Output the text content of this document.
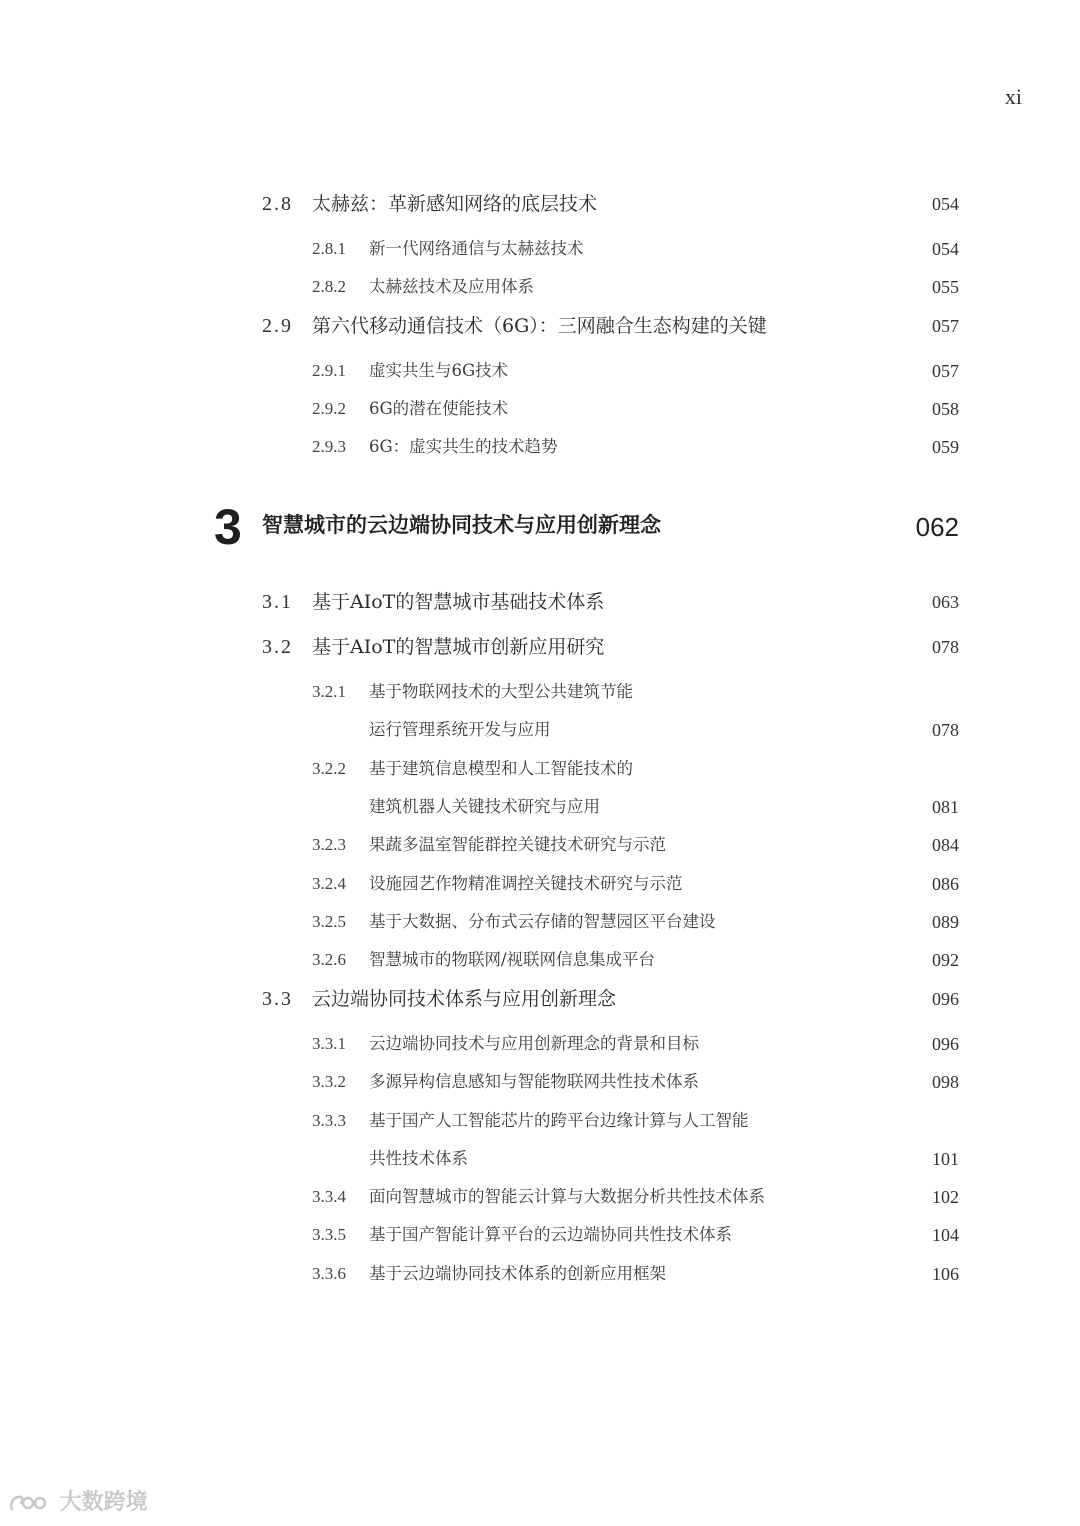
xi
2.8 太赫兹：革新感知网络的底层技术	054
2.8.1 新一代网络通信与太赫兹技术	054
2.8.2 太赫兹技术及应用体系	055
2.9 第六代移动通信技术（6G）：三网融合生态构建的关键	057
2.9.1 虚实共生与6G技术	057
2.9.2 6G的潜在使能技术	058
2.9.3 6G：虚实共生的技术趋势	059
3 智慧城市的云边端协同技术与应用创新理念	062
3.1 基于AIoT的智慧城市基础技术体系	063
3.2 基于AIoT的智慧城市创新应用研究	078
3.2.1 基于物联网技术的大型公共建筑节能
运行管理系统开发与应用	078
3.2.2 基于建筑信息模型和人工智能技术的
建筑机器人关键技术研究与应用	081
3.2.3 果蔬多温室智能群控关键技术研究与示范	084
3.2.4 设施园艺作物精准调控关键技术研究与示范	086
3.2.5 基于大数据、分布式云存储的智慧园区平台建设	089
3.2.6 智慧城市的物联网/视联网信息集成平台	092
3.3 云边端协同技术体系与应用创新理念	096
3.3.1 云边端协同技术与应用创新理念的背景和目标	096
3.3.2 多源异构信息感知与智能物联网共性技术体系	098
3.3.3 基于国产人工智能芯片的跨平台边缘计算与人工智能
共性技术体系	101
3.3.4 面向智慧城市的智能云计算与大数据分析共性技术体系	102
3.3.5 基于国产智能计算平台的云边端协同共性技术体系	104
3.3.6 基于云边端协同技术体系的创新应用框架	106
大数跨境
